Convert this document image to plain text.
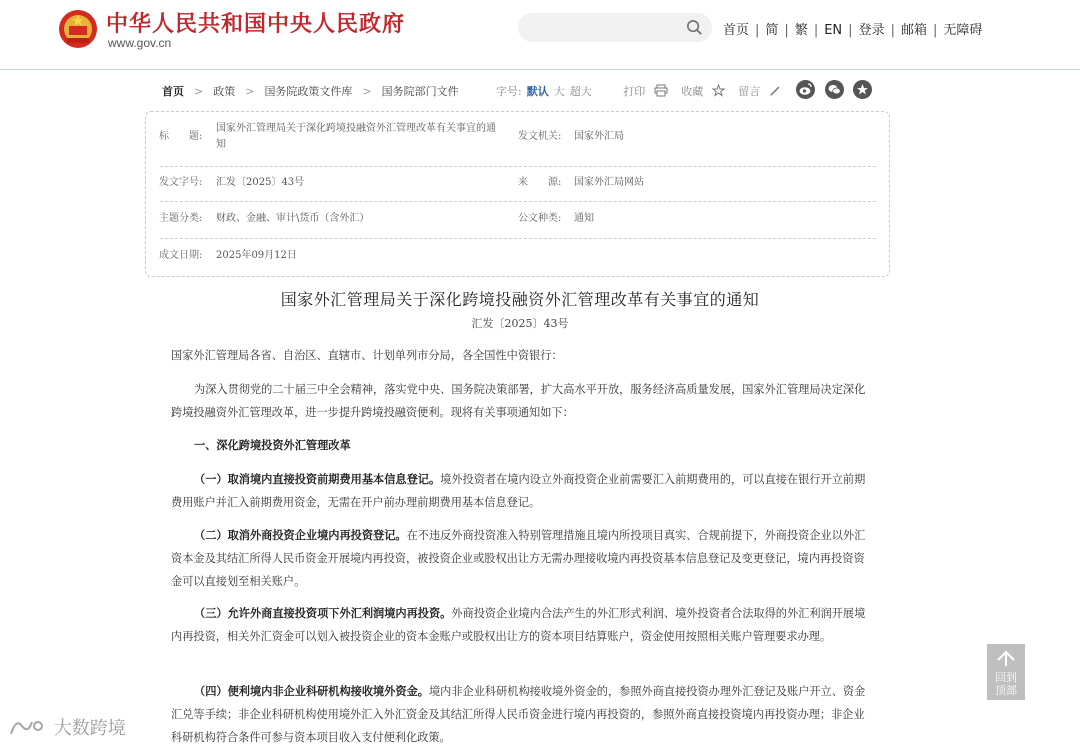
中华人民共和国中央人民政府
www.gov.cn
首页 | 简 | 繁 | EN | 登录 | 邮箱 | 无障碍
首页 > 政策 > 国务院政策文件库 > 国务院部门文件	字号: 默认 大 超大	打印	收藏	留言
标　　题:
国家外汇管理局关于深化跨境投融资外汇管理改革有关事宜的通
知
发文机关: 国家外汇局
发文字号: 汇发〔2025〕43号	来　　源: 国家外汇局网站
主题分类: 财政、金融、审计\货币（含外汇）	公文种类: 通知
成文日期: 2025年09月12日
国家外汇管理局关于深化跨境投融资外汇管理改革有关事宜的通知
汇发〔2025〕43号
国家外汇管理局各省、自治区、直辖市、计划单列市分局，各全国性中资银行：
为深入贯彻党的二十届三中全会精神，落实党中央、国务院决策部署，扩大高水平开放，服务经济高质量发展，国家外汇管理局决定深化跨境投融资外汇管理改革，进一步提升跨境投融资便利。现将有关事项通知如下：
一、深化跨境投资外汇管理改革
（一）取消境内直接投资前期费用基本信息登记。境外投资者在境内设立外商投资企业前需要汇入前期费用的，可以直接在银行开立前期费用账户并汇入前期费用资金，无需在开户前办理前期费用基本信息登记。
（二）取消外商投资企业境内再投资登记。在不违反外商投资准入特别管理措施且境内所投项目真实、合规前提下，外商投资企业以外汇资本金及其结汇所得人民币资金开展境内再投资，被投资企业或股权出让方无需办理接收境内再投资基本信息登记及变更登记，境内再投资资金可以直接划至相关账户。
（三）允许外商直接投资项下外汇利润境内再投资。外商投资企业境内合法产生的外汇形式利润、境外投资者合法取得的外汇利润开展境内再投资，相关外汇资金可以划入被投资企业的资本金账户或股权出让方的资本项目结算账户，资金使用按照相关账户管理要求办理。
（四）便利境内非企业科研机构接收境外资金。境内非企业科研机构接收境外资金的，参照外商直接投资办理外汇登记及账户开立、资金汇兑等手续；非企业科研机构使用境外汇入外汇资金及其结汇所得人民币资金进行境内再投资的，参照外商直接投资境内再投资办理；非企业科研机构符合条件可参与资本项目收入支付便利化政策。
回到
顶部
大数跨境
